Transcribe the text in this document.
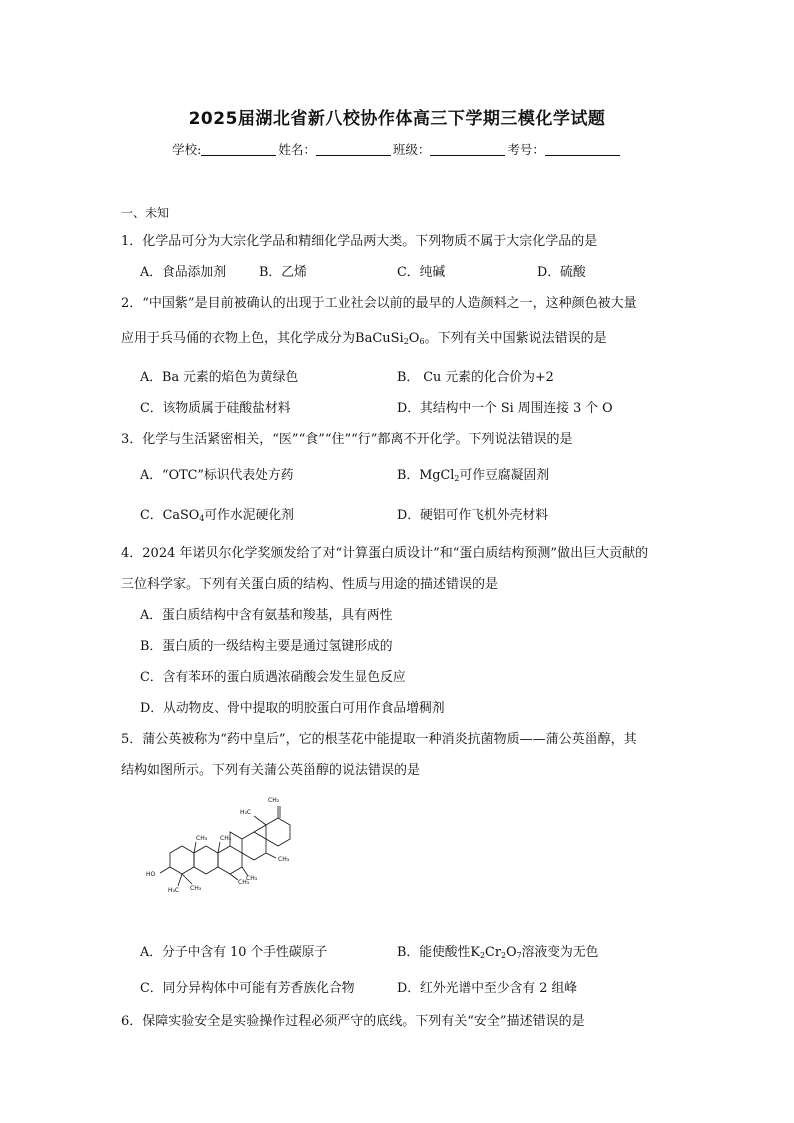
2025届湖北省新八校协作体高三下学期三模化学试题
学校:	姓名：	班级：	考号：
一、未知
1．化学品可分为大宗化学品和精细化学品两大类。下列物质不属于大宗化学品的是
A．食品添加剂	B．乙烯	C．纯碱	D．硫酸
2．“中国紫”是目前被确认的出现于工业社会以前的最早的人造颜料之一，这种颜色被大量
应用于兵马俑的衣物上色，其化学成分为$BaCuSi_2O_6$。下列有关中国紫说法错误的是
A．Ba 元素的焰色为黄绿色	B． Cu 元素的化合价为+2
C．该物质属于硅酸盐材料	D．其结构中一个 Si 周围连接 3 个 O
3．化学与生活紧密相关，“医”“食”“住”“行”都离不开化学。下列说法错误的是
A．“OTC”标识代表处方药	B．MgCl$_2$可作豆腐凝固剂
C．CaSO$_4$可作水泥硬化剂	D．硬铝可作飞机外壳材料
4．2024 年诺贝尔化学奖颁发给了对“计算蛋白质设计”和“蛋白质结构预测”做出巨大贡献的
三位科学家。下列有关蛋白质的结构、性质与用途的描述错误的是
A．蛋白质结构中含有氨基和羧基，具有两性
B．蛋白质的一级结构主要是通过氢键形成的
C．含有苯环的蛋白质遇浓硝酸会发生显色反应
D．从动物皮、骨中提取的明胶蛋白可用作食品增稠剂
5．蒲公英被称为“药中皇后”，它的根茎花中能提取一种消炎抗菌物质——蒲公英甾醇，其
结构如图所示。下列有关蒲公英甾醇的说法错误的是
CH₂
H₃C
CH₃
CH₃ CH₃
CH₃
CH₃
HO
H₃C CH₃
A．分子中含有 10 个手性碳原子	B．能使酸性$K_2Cr_2O_7$溶液变为无色
C．同分异构体中可能有芳香族化合物	D．红外光谱中至少含有 2 组峰
6．保障实验安全是实验操作过程必须严守的底线。下列有关“安全”描述错误的是
